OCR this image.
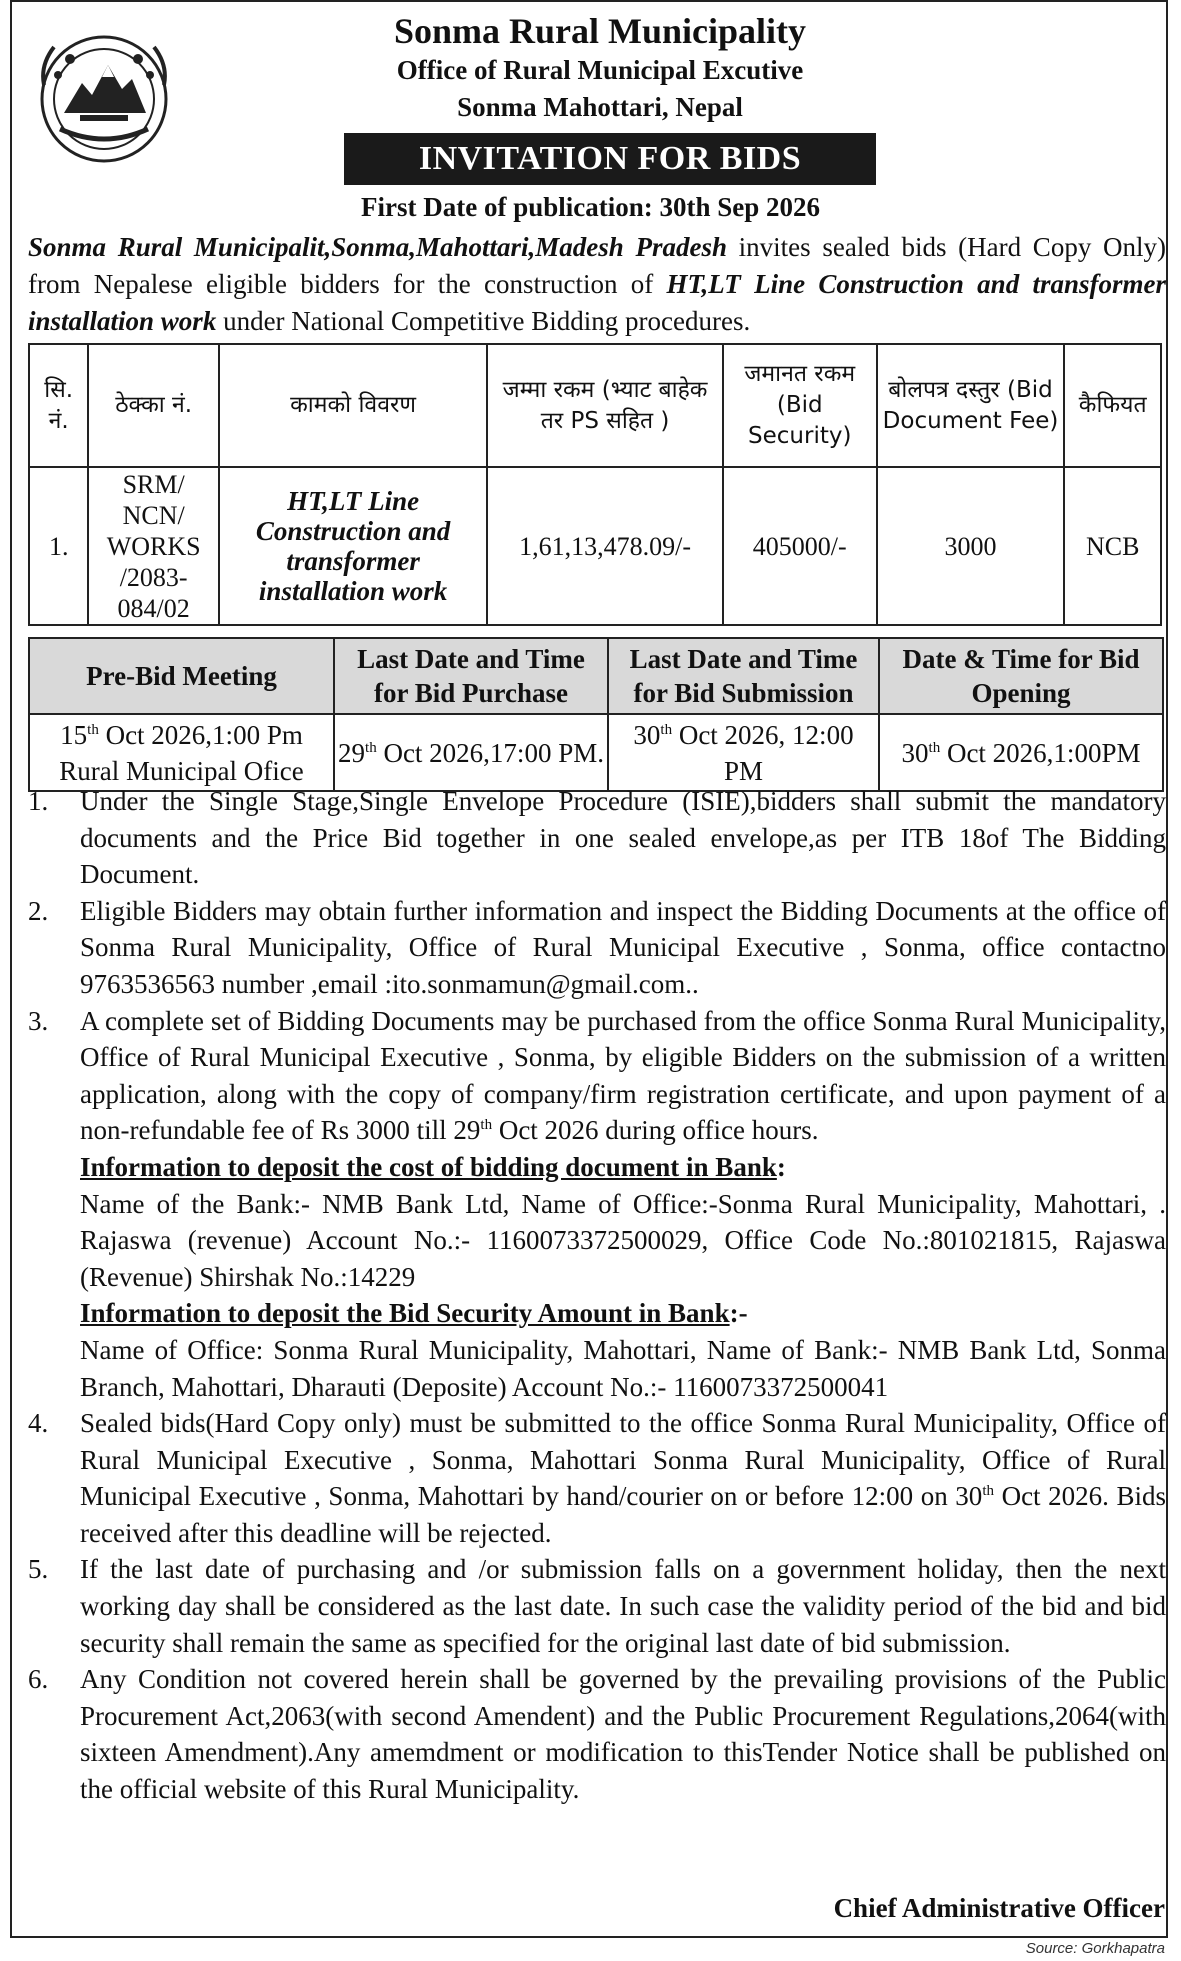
Sonma Rural Municipality
Office of Rural Municipal Excutive
Sonma Mahottari, Nepal
INVITATION FOR BIDS
First Date of publication: 30th Sep 2026
Sonma Rural Municipalit,Sonma,Mahottari,Madesh Pradesh invites sealed bids (Hard Copy Only) from Nepalese eligible bidders for the construction of HT,LT Line Construction and transformer installation work under National Competitive Bidding procedures.
सि. नं.	ठेक्का नं.	कामको विवरण	जम्मा रकम (भ्याट बाहेक तर PS सहित )	जमानत रकम (Bid Security)	बोलपत्र दस्तुर (Bid Document Fee)	कैफियत
1.	SRM/ NCN/ WORKS /2083-084/02	HT,LT Line Construction and transformer installation work	1,61,13,478.09/-	405000/-	3000	NCB
Pre-Bid Meeting	Last Date and Time for Bid Purchase	Last Date and Time for Bid Submission	Date & Time for Bid Opening
15th Oct 2026,1:00 Pm Rural Municipal Ofice	29th Oct 2026,17:00 PM.	30th Oct 2026, 12:00 PM	30th Oct 2026,1:00PM
1.	Under the Single Stage,Single Envelope Procedure (ISIE),bidders shall submit the mandatory documents and the Price Bid together in one sealed envelope,as per ITB 18of The Bidding Document.
2.	Eligible Bidders may obtain further information and inspect the Bidding Documents at the office of Sonma Rural Municipality, Office of Rural Municipal Executive , Sonma, office contactno 9763536563 number ,email :ito.sonmamun@gmail.com..
3.	A complete set of Bidding Documents may be purchased from the office Sonma Rural Municipality, Office of Rural Municipal Executive , Sonma, by eligible Bidders on the submission of a written application, along with the copy of company/firm registration certificate, and upon payment of a non-refundable fee of Rs 3000 till 29th Oct 2026 during office hours.
Information to deposit the cost of bidding document in Bank:
Name of the Bank:- NMB Bank Ltd, Name of Office:-Sonma Rural Municipality, Mahottari, . Rajaswa (revenue) Account No.:- 1160073372500029, Office Code No.:801021815, Rajaswa (Revenue) Shirshak No.:14229
Information to deposit the Bid Security Amount in Bank:-
Name of Office: Sonma Rural Municipality, Mahottari, Name of Bank:- NMB Bank Ltd, Sonma Branch, Mahottari, Dharauti (Deposite) Account No.:- 1160073372500041
4.	Sealed bids(Hard Copy only) must be submitted to the office Sonma Rural Municipality, Office of Rural Municipal Executive , Sonma, Mahottari Sonma Rural Municipality, Office of Rural Municipal Executive , Sonma, Mahottari by hand/courier on or before 12:00 on 30th Oct 2026. Bids received after this deadline will be rejected.
5.	If the last date of purchasing and /or submission falls on a government holiday, then the next working day shall be considered as the last date. In such case the validity period of the bid and bid security shall remain the same as specified for the original last date of bid submission.
6.	Any Condition not covered herein shall be governed by the prevailing provisions of the Public Procurement Act,2063(with second Amendent) and the Public Procurement Regulations,2064(with sixteen Amendment).Any amemdment or modification to thisTender Notice shall be published on the official website of this Rural Municipality.
Chief Administrative Officer
Source: Gorkhapatra
